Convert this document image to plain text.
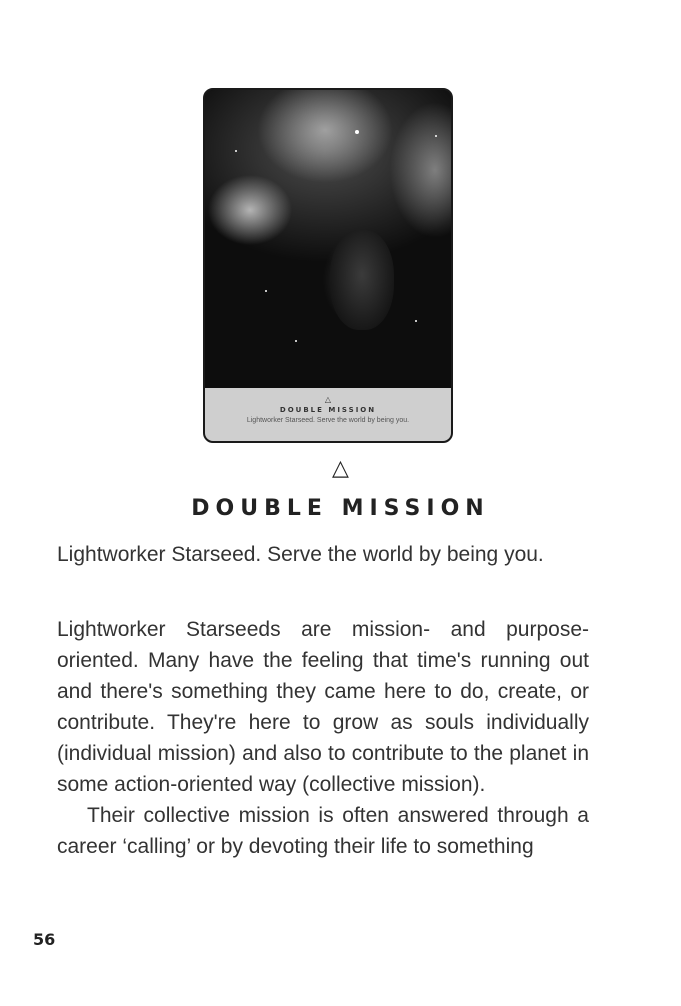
△
DOUBLE MISSION
Lightworker Starseed. Serve the world by being you.
△
DOUBLE MISSION
Lightworker Starseed. Serve the world by being you.

Lightworker Starseeds are mission- and purpose-oriented. Many have the feeling that time's running out and there's something they came here to do, create, or contribute. They're here to grow as souls individually (individual mission) and also to contribute to the planet in some action-oriented way (collective mission).

Their collective mission is often answered through a career ‘calling’ or by devoting their life to something

56
